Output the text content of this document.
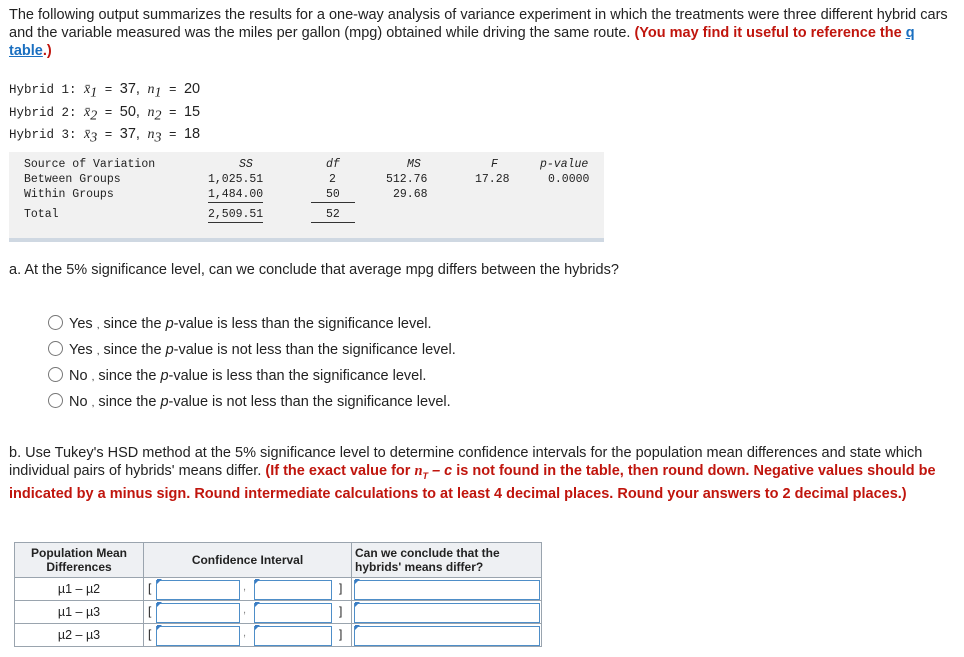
The following output summarizes the results for a one-way analysis of variance experiment in which the treatments were three different hybrid cars and the variable measured was the miles per gallon (mpg) obtained while driving the same route. (You may find it useful to reference the q table.)
Hybrid 1: $x̄_1 = 37$, $n_1 = 20$
Hybrid 2: $x̄_2 = 50$, $n_2 = 15$
Hybrid 3: $x̄_3 = 37$, $n_3 = 18$
Source of Variation	SS	df	MS	F	p-value
Between Groups	1,025.51	2	512.76	17.28	0.0000
Within Groups	1,484.00	50	29.68
Total	2,509.51	52
a. At the 5% significance level, can we conclude that average mpg differs between the hybrids?
Yes , since the p-value is less than the significance level.
Yes , since the p-value is not less than the significance level.
No , since the p-value is less than the significance level.
No , since the p-value is not less than the significance level.
b. Use Tukey's HSD method at the 5% significance level to determine confidence intervals for the population mean differences and state which individual pairs of hybrids' means differ. (If the exact value for $n_T$ – c is not found in the table, then round down. Negative values should be indicated by a minus sign. Round intermediate calculations to at least 4 decimal places. Round your answers to 2 decimal places.)
Population Mean Differences	Confidence Interval	Can we conclude that the hybrids' means differ?
µ1 – µ2	[ , ]	

µ1 – µ3	[ , ]	

µ2 – µ3	[ , ]	
